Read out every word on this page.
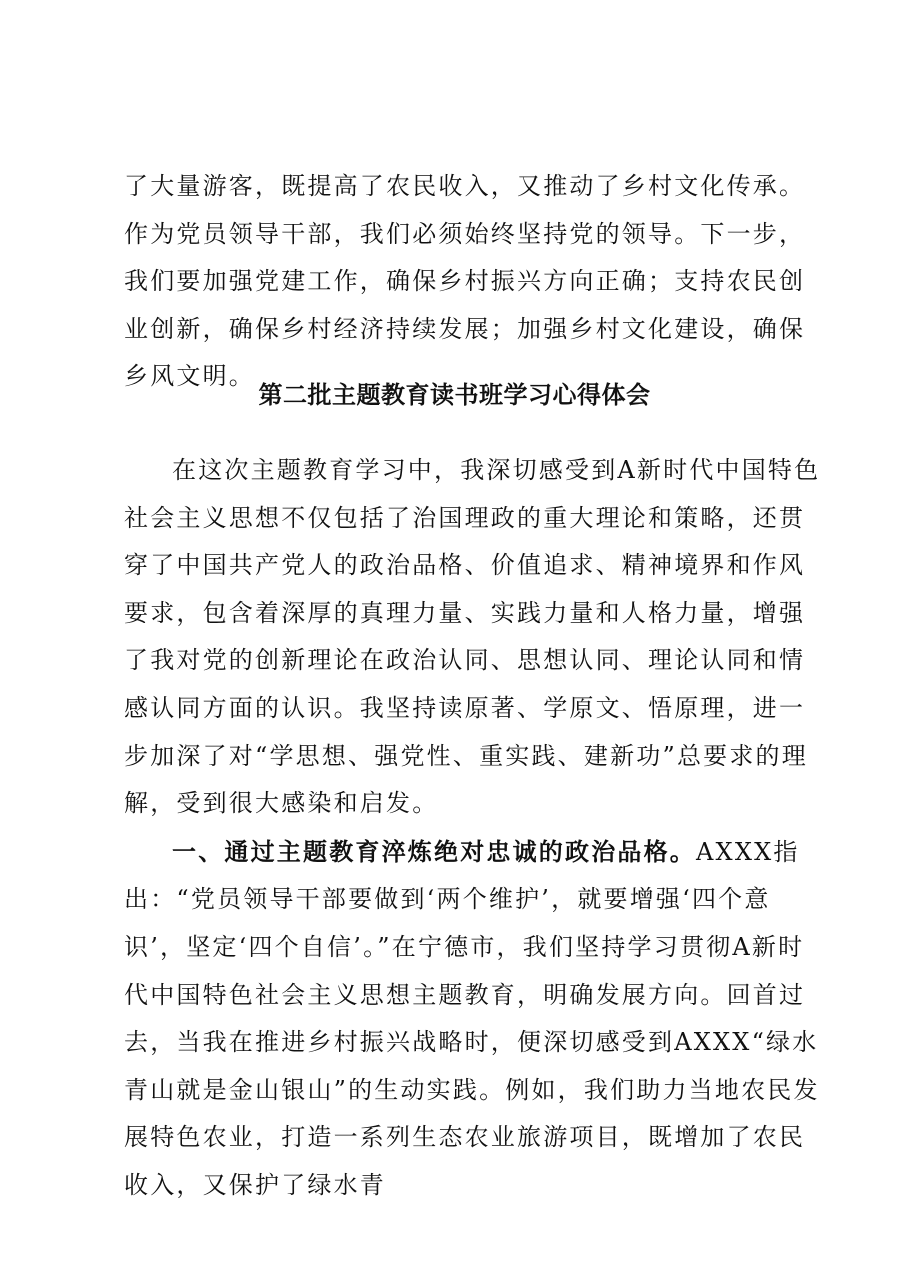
了大量游客，既提高了农民收入，又推动了乡村文化传承。作为党员领导干部，我们必须始终坚持党的领导。下一步，我们要加强党建工作，确保乡村振兴方向正确；支持农民创业创新，确保乡村经济持续发展；加强乡村文化建设，确保乡风文明。

第二批主题教育读书班学习心得体会

在这次主题教育学习中，我深切感受到A新时代中国特色社会主义思想不仅包括了治国理政的重大理论和策略，还贯穿了中国共产党人的政治品格、价值追求、精神境界和作风要求，包含着深厚的真理力量、实践力量和人格力量，增强了我对党的创新理论在政治认同、思想认同、理论认同和情感认同方面的认识。我坚持读原著、学原文、悟原理，进一步加深了对“学思想、强党性、重实践、建新功”总要求的理解，受到很大感染和启发。

一、通过主题教育淬炼绝对忠诚的政治品格。AXXX指出：“党员领导干部要做到‘两个维护’，就要增强‘四个意识’，坚定‘四个自信’。”在宁德市，我们坚持学习贯彻A新时代中国特色社会主义思想主题教育，明确发展方向。回首过去，当我在推进乡村振兴战略时，便深切感受到AXXX“绿水青山就是金山银山”的生动实践。例如，我们助力当地农民发展特色农业，打造一系列生态农业旅游项目，既增加了农民收入，又保护了绿水青
